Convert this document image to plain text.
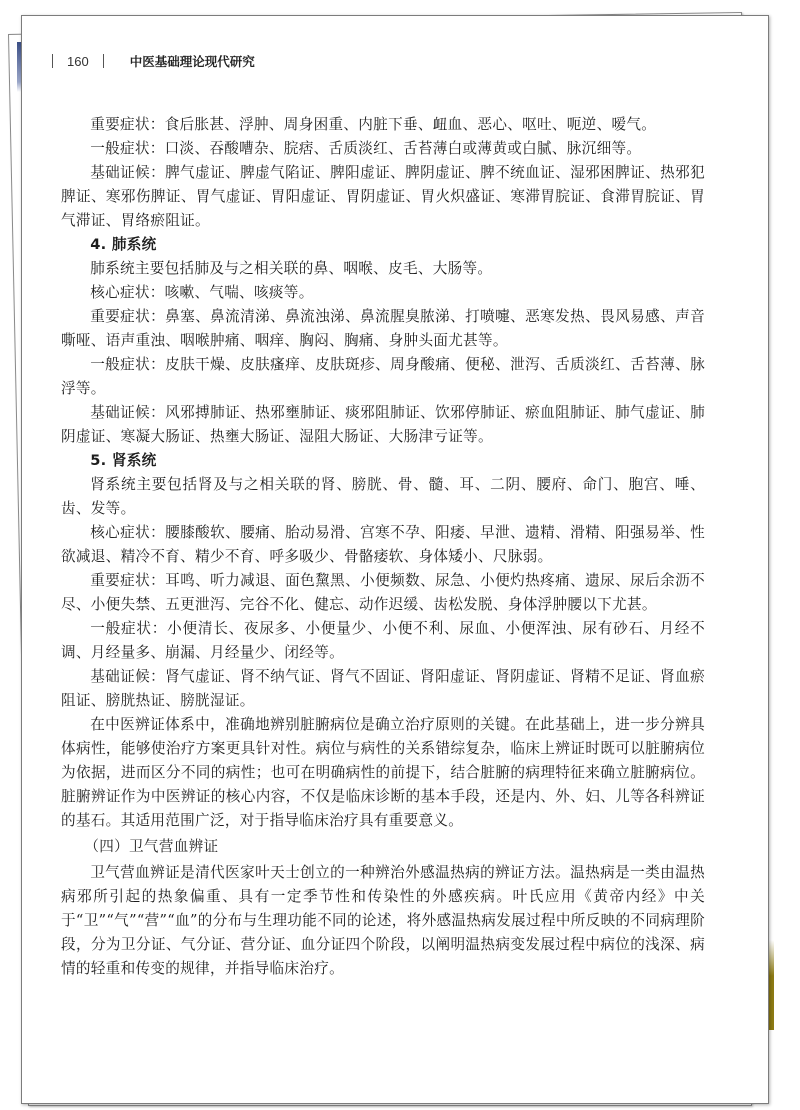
160	中医基础理论现代研究

重要症状：食后胀甚、浮肿、周身困重、内脏下垂、衄血、恶心、呕吐、呃逆、嗳气。

一般症状：口淡、吞酸嘈杂、脘痞、舌质淡红、舌苔薄白或薄黄或白腻、脉沉细等。

基础证候：脾气虚证、脾虚气陷证、脾阳虚证、脾阴虚证、脾不统血证、湿邪困脾证、热邪犯脾证、寒邪伤脾证、胃气虚证、胃阳虚证、胃阴虚证、胃火炽盛证、寒滞胃脘证、食滞胃脘证、胃气滞证、胃络瘀阻证。

4. 肺系统

肺系统主要包括肺及与之相关联的鼻、咽喉、皮毛、大肠等。

核心症状：咳嗽、气喘、咳痰等。

重要症状：鼻塞、鼻流清涕、鼻流浊涕、鼻流腥臭脓涕、打喷嚏、恶寒发热、畏风易感、声音嘶哑、语声重浊、咽喉肿痛、咽痒、胸闷、胸痛、身肿头面尤甚等。

一般症状：皮肤干燥、皮肤瘙痒、皮肤斑疹、周身酸痛、便秘、泄泻、舌质淡红、舌苔薄、脉浮等。

基础证候：风邪搏肺证、热邪壅肺证、痰邪阻肺证、饮邪停肺证、瘀血阻肺证、肺气虚证、肺阴虚证、寒凝大肠证、热壅大肠证、湿阻大肠证、大肠津亏证等。

5. 肾系统

肾系统主要包括肾及与之相关联的肾、膀胱、骨、髓、耳、二阴、腰府、命门、胞宫、唾、齿、发等。

核心症状：腰膝酸软、腰痛、胎动易滑、宫寒不孕、阳痿、早泄、遗精、滑精、阳强易举、性欲减退、精冷不育、精少不育、呼多吸少、骨骼痿软、身体矮小、尺脉弱。

重要症状：耳鸣、听力减退、面色黧黑、小便频数、尿急、小便灼热疼痛、遗尿、尿后余沥不尽、小便失禁、五更泄泻、完谷不化、健忘、动作迟缓、齿松发脱、身体浮肿腰以下尤甚。

一般症状：小便清长、夜尿多、小便量少、小便不利、尿血、小便浑浊、尿有砂石、月经不调、月经量多、崩漏、月经量少、闭经等。

基础证候：肾气虚证、肾不纳气证、肾气不固证、肾阳虚证、肾阴虚证、肾精不足证、肾血瘀阻证、膀胱热证、膀胱湿证。

在中医辨证体系中，准确地辨别脏腑病位是确立治疗原则的关键。在此基础上，进一步分辨具体病性，能够使治疗方案更具针对性。病位与病性的关系错综复杂，临床上辨证时既可以脏腑病位为依据，进而区分不同的病性；也可在明确病性的前提下，结合脏腑的病理特征来确立脏腑病位。脏腑辨证作为中医辨证的核心内容，不仅是临床诊断的基本手段，还是内、外、妇、儿等各科辨证的基石。其适用范围广泛，对于指导临床治疗具有重要意义。

（四）卫气营血辨证

卫气营血辨证是清代医家叶天士创立的一种辨治外感温热病的辨证方法。温热病是一类由温热病邪所引起的热象偏重、具有一定季节性和传染性的外感疾病。叶氏应用《黄帝内经》中关于“卫”“气”“营”“血”的分布与生理功能不同的论述，将外感温热病发展过程中所反映的不同病理阶段，分为卫分证、气分证、营分证、血分证四个阶段，以阐明温热病变发展过程中病位的浅深、病情的轻重和传变的规律，并指导临床治疗。
